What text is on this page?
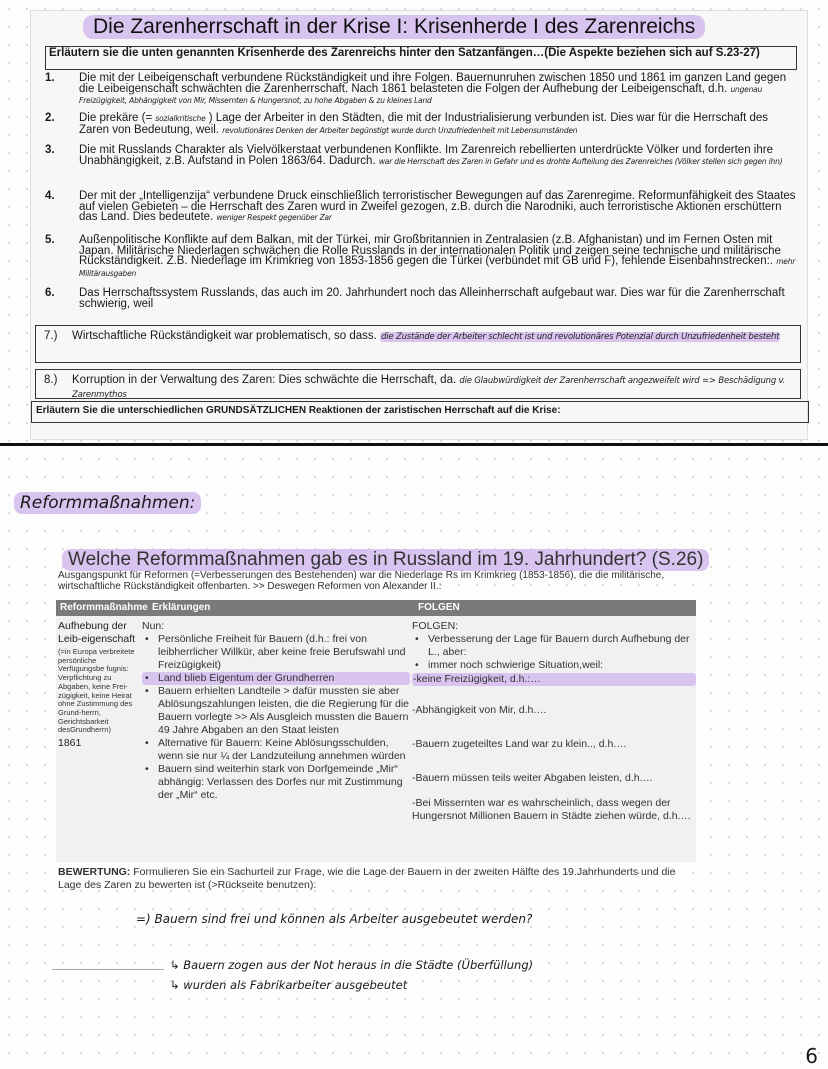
Die Zarenherrschaft in der Krise I: Krisenherde I des Zarenreichs
Erläutern sie die unten genannten Krisenherde des Zarenreichs hinter den Satzanfängen…(Die Aspekte beziehen sich auf S.23-27)
1. Die mit der Leibeigenschaft verbundene Rückständigkeit und ihre Folgen. Bauernunruhen zwischen 1850 und 1861 im ganzen Land gegen die Leibeigenschaft schwächten die Zarenherrschaft. Nach 1861 belasteten die Folgen der Aufhebung der Leibeigenschaft, d.h. ungenau Freizügigkeit, Abhängigkeit von Mir, Missernten & Hungersnot, zu hohe Abgaben & zu kleines Land
2. Die prekäre (= sozialkritische ) Lage der Arbeiter in den Städten, die mit der Industrialisierung verbunden ist. Dies war für die Herrschaft des Zaren von Bedeutung, weil. revolutionäres Denken der Arbeiter begünstigt wurde durch Unzufriedenheit mit Lebensumständen
3. Die mit Russlands Charakter als Vielvölkerstaat verbundenen Konflikte. Im Zarenreich rebellierten unterdrückte Völker und forderten ihre Unabhängigkeit, z.B. Aufstand in Polen 1863/64. Dadurch. war die Herrschaft des Zaren in Gefahr und es drohte Aufteilung des Zarenreiches (Völker stellen sich gegen ihn)
4. Der mit der „Intelligenzija“ verbundene Druck einschließlich terroristischer Bewegungen auf das Zarenregime. Reformunfähigkeit des Staates auf vielen Gebieten – die Herrschaft des Zaren wurd in Zweifel gezogen, z.B. durch die Narodniki, auch terroristische Aktionen erschüttern das Land. Dies bedeutete. weniger Respekt gegenüber Zar
5. Außenpolitische Konflikte auf dem Balkan, mit der Türkei, mir Großbritannien in Zentralasien (z.B. Afghanistan) und im Fernen Osten mit Japan. Militärische Niederlagen schwächen die Rolle Russlands in der internationalen Politik und zeigen seine technische und militärische Rückständigkeit. Z.B. Niederlage im Krimkrieg von 1853-1856 gegen die Türkei (verbündet mit GB und F), fehlende Eisenbahnstrecken:. mehr Militärausgaben
6. Das Herrschaftssystem Russlands, das auch im 20. Jahrhundert noch das Alleinherrschaft aufgebaut war. Dies war für die Zarenherrschaft schwierig, weil
7.) Wirtschaftliche Rückständigkeit war problematisch, so dass. die Zustände der Arbeiter schlecht ist und revolutionäres Potenzial durch Unzufriedenheit besteht
8.) Korruption in der Verwaltung des Zaren: Dies schwächte die Herrschaft, da. die Glaubwürdigkeit der Zarenherrschaft angezweifelt wird => Beschädigung v. Zarenmythos
Erläutern Sie die unterschiedlichen GRUNDSÄTZLICHEN Reaktionen der zaristischen Herrschaft auf die Krise:
Reformmaßnahmen:
Welche Reformmaßnahmen gab es in Russland im 19. Jahrhundert? (S.26)
Ausgangspunkt für Reformen (=Verbesserungen des Bestehenden) war die Niederlage Rs im Krimkrieg (1853-1856), die die militärische, wirtschaftliche Rückständigkeit offenbarten. >> Deswegen Reformen von Alexander II.:
Reformmaßnahme Erklärungen	FOLGEN
Aufhebung der Leib-eigenschaft
(=in Europa verbreitete persönliche Verfügungsbe fugnis: Verpflichtung zu Abgaben, keine Frei-zügigkeit, keine Heirat ohne Zustimmung des Grund-herrn, Gerichtsbarkeit desGrundherrn)
1861
Nun:
• Persönliche Freiheit für Bauern (d.h.: frei von leibherrlicher Willkür, aber keine freie Berufswahl und Freizügigkeit)
• Land blieb Eigentum der Grundherren
• Bauern erhielten Landteile > dafür mussten sie aber Ablösungszahlungen leisten, die die Regierung für die Bauern vorlegte >> Als Ausgleich mussten die Bauern 49 Jahre Abgaben an den Staat leisten
• Alternative für Bauern: Keine Ablösungsschulden, wenn sie nur ¼ der Landzuteilung annehmen würden
• Bauern sind weiterhin stark von Dorfgemeinde „Mir“ abhängig: Verlassen des Dorfes nur mit Zustimmung der „Mir“ etc.
FOLGEN:
• Verbesserung der Lage für Bauern durch Aufhebung der L., aber:
• immer noch schwierige Situation,weil:
-keine Freizügigkeit, d.h.:…
-Abhängigkeit von Mir, d.h.…
-Bauern zugeteiltes Land war zu klein.., d.h.…
-Bauern müssen teils weiter Abgaben leisten, d.h.…
-Bei Missernten war es wahrscheinlich, dass wegen der Hungersnot Millionen Bauern in Städte ziehen würde, d.h.…
BEWERTUNG: Formulieren Sie ein Sachurteil zur Frage, wie die Lage der Bauern in der zweiten Hälfte des 19.Jahrhunderts und die Lage des Zaren zu bewerten ist (>Rückseite benutzen):
=) Bauern sind frei und können als Arbeiter ausgebeutet werden?
↳ Bauern zogen aus der Not heraus in die Städte (Überfüllung)
↳ wurden als Fabrikarbeiter ausgebeutet
6
